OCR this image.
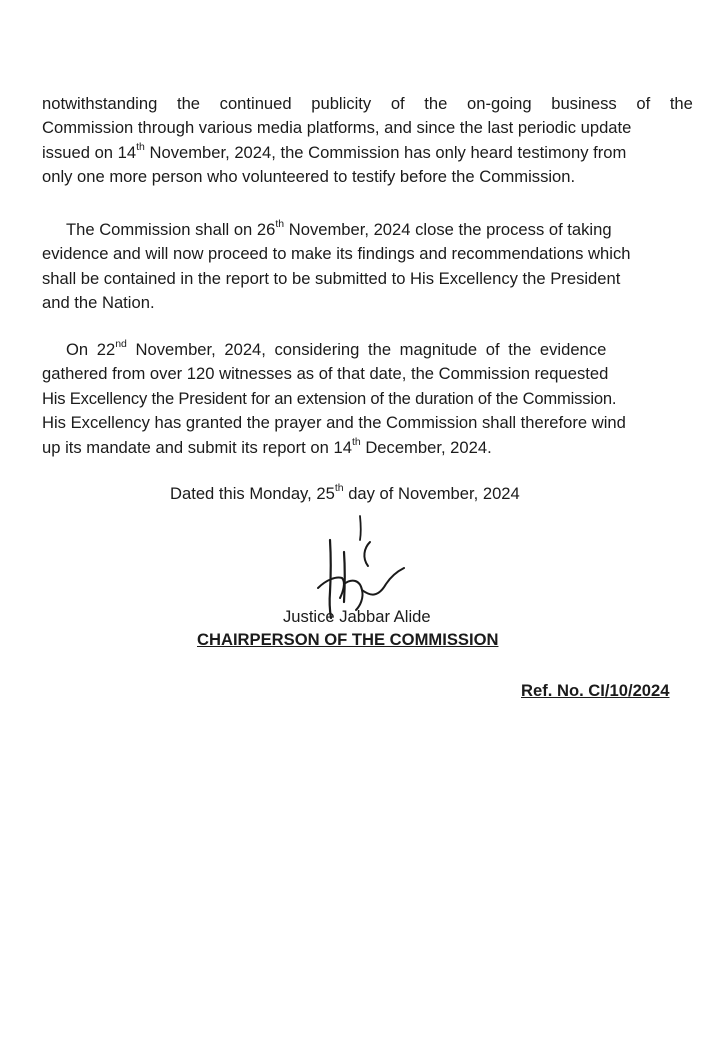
notwithstanding the continued publicity of the on-going business of the
Commission through various media platforms, and since the last periodic update
issued on 14th November, 2024, the Commission has only heard testimony from
only one more person who volunteered to testify before the Commission.
The Commission shall on 26th November, 2024 close the process of taking
evidence and will now proceed to make its findings and recommendations which
shall be contained in the report to be submitted to His Excellency the President
and the Nation.
On 22nd November, 2024, considering the magnitude of the evidence
gathered from over 120 witnesses as of that date, the Commission requested
His Excellency the President for an extension of the duration of the Commission.
His Excellency has granted the prayer and the Commission shall therefore wind
up its mandate and submit its report on 14th December, 2024.
Dated this Monday, 25th day of November, 2024
Justice Jabbar Alide
CHAIRPERSON OF THE COMMISSION
Ref. No. CI/10/2024
